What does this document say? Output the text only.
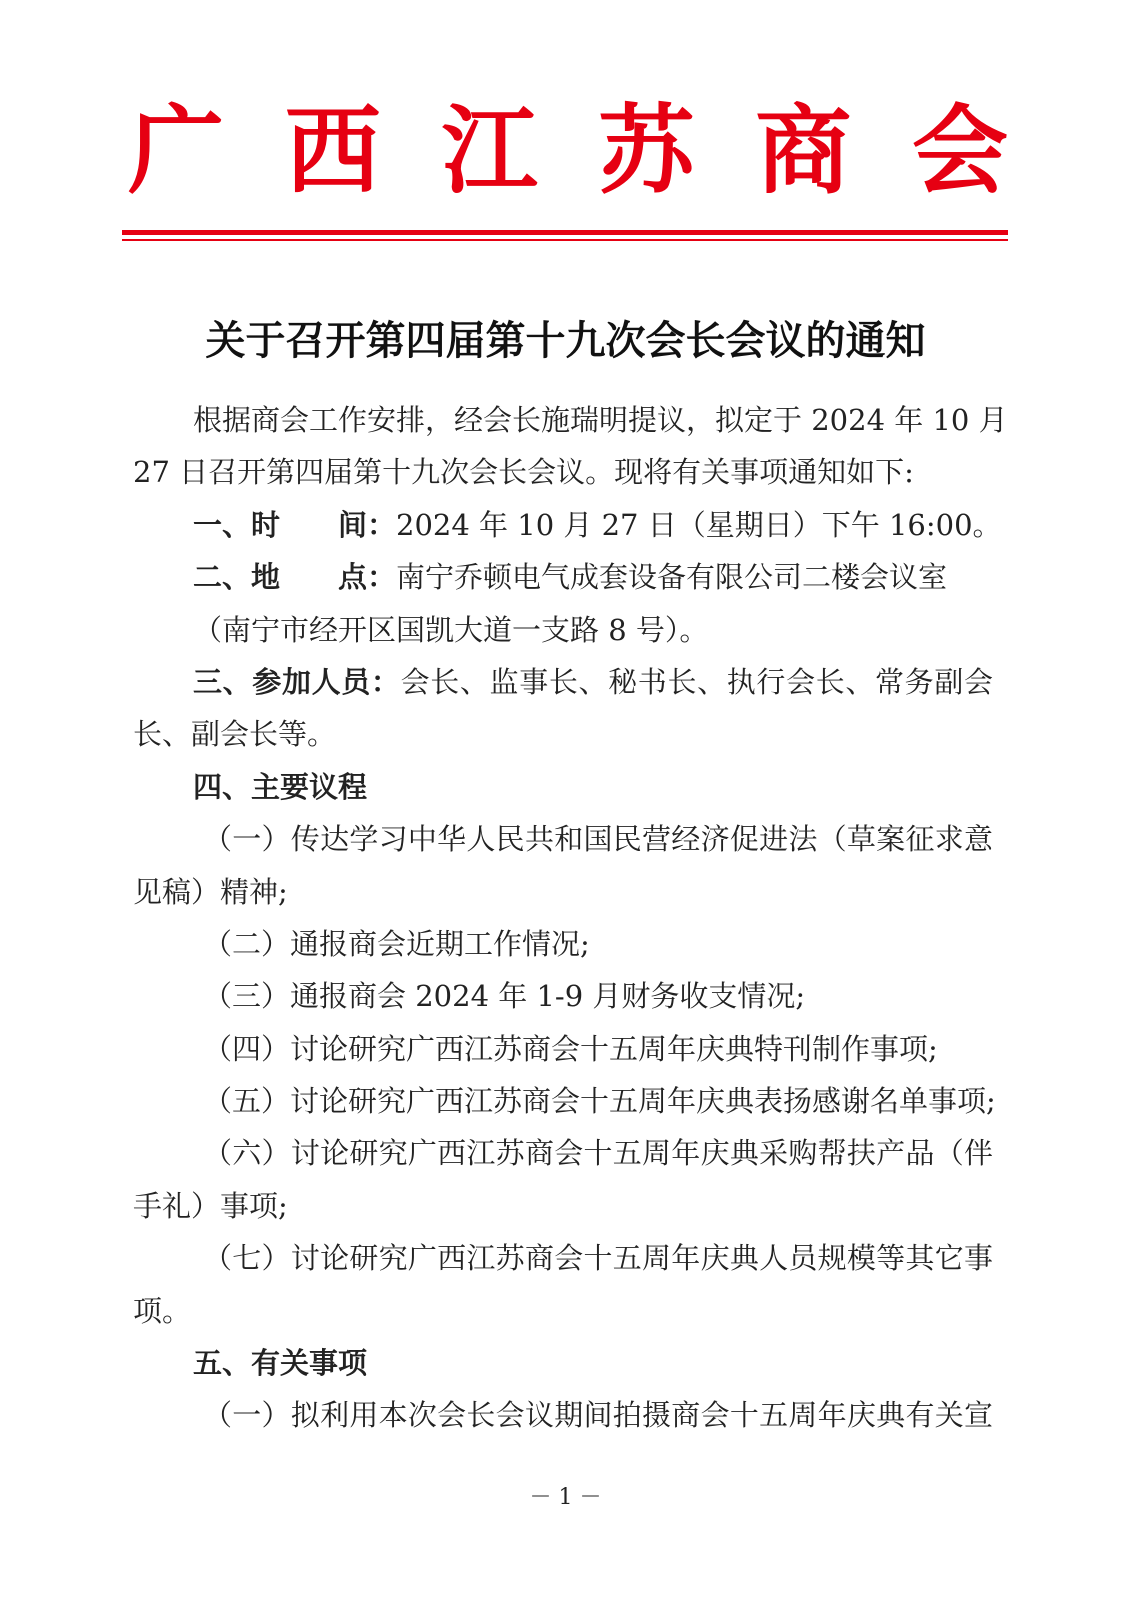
广 西 江 苏 商 会
关于召开第四届第十九次会长会议的通知
根据商会工作安排，经会长施瑞明提议，拟定于 2024 年 10 月
27 日召开第四届第十九次会长会议。现将有关事项通知如下:
一、时 间：2024 年 10 月 27 日（星期日）下午 16:00。
二、地 点：南宁乔顿电气成套设备有限公司二楼会议室
（南宁市经开区国凯大道一支路 8 号）。
三、参加人员：会长、监事长、秘书长、执行会长、常务副会
长、副会长等。
四、主要议程
（一）传达学习中华人民共和国民营经济促进法（草案征求意
见稿）精神;
（二）通报商会近期工作情况;
（三）通报商会 2024 年 1-9 月财务收支情况;
（四）讨论研究广西江苏商会十五周年庆典特刊制作事项;
（五）讨论研究广西江苏商会十五周年庆典表扬感谢名单事项;
（六）讨论研究广西江苏商会十五周年庆典采购帮扶产品（伴
手礼）事项;
（七）讨论研究广西江苏商会十五周年庆典人员规模等其它事
项。
五、有关事项
（一）拟利用本次会长会议期间拍摄商会十五周年庆典有关宣
－ 1 －
